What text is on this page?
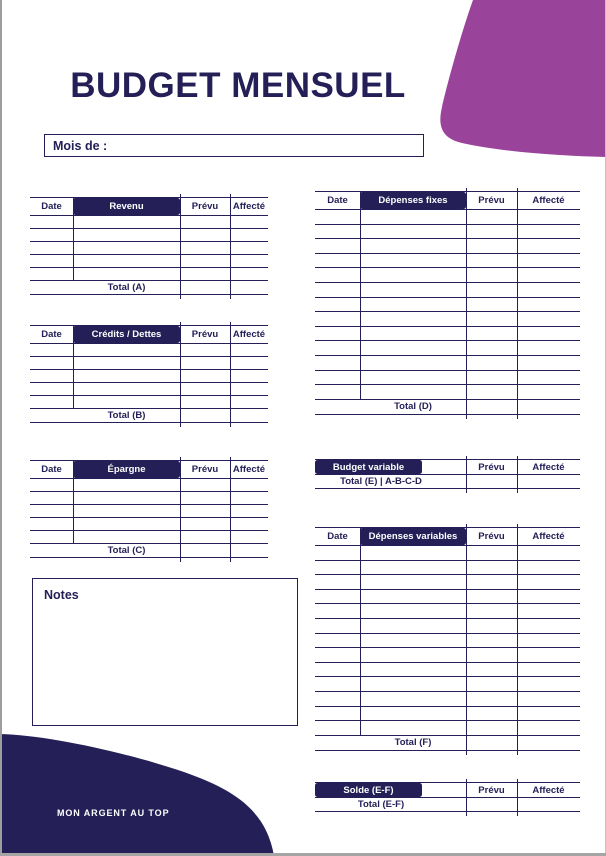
MON ARGENT AU TOP
BUDGET MENSUEL
Mois de :
Date	Revenu	Prévu	Affecté
Total (A)
Date	Crédits / Dettes	Prévu	Affecté
Total (B)
Date	Épargne	Prévu	Affecté
Total (C)
Notes
Date	Dépenses fixes	Prévu	Affecté
Total (D)
Budget variable	Prévu	Affecté
Total (E) | A-B-C-D
Date	Dépenses variables	Prévu	Affecté
Total (F)
Solde (E-F)	Prévu	Affecté
Total (E-F)
